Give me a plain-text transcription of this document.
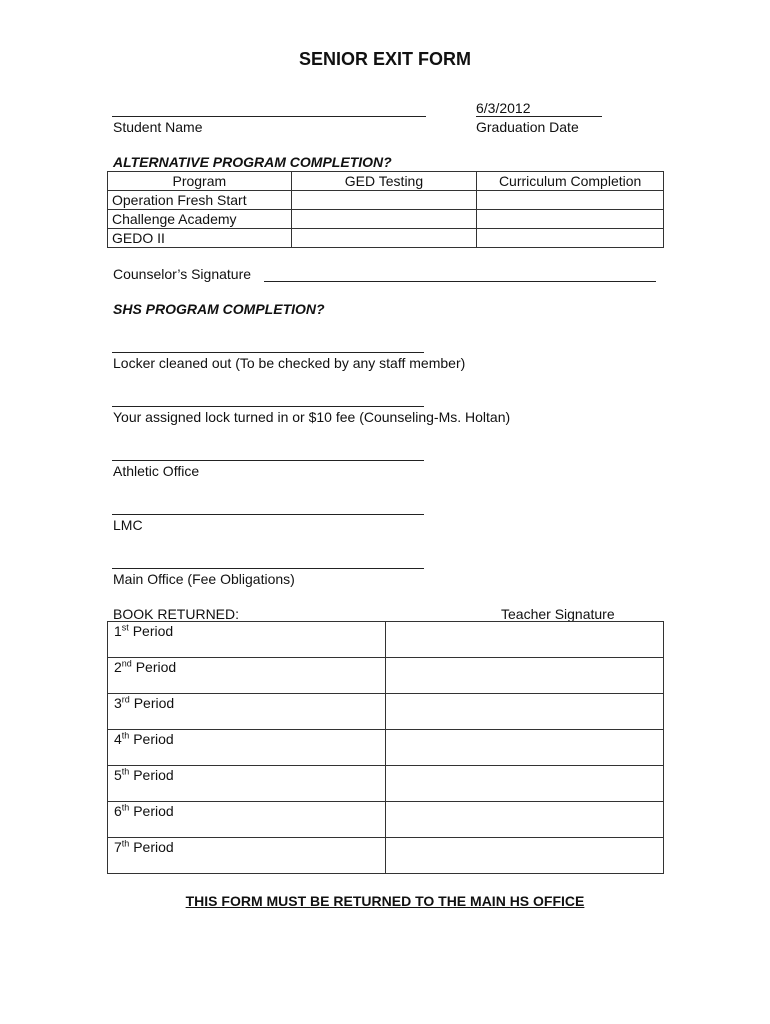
SENIOR EXIT FORM
Student Name
6/3/2012
Graduation Date
ALTERNATIVE PROGRAM COMPLETION?
Program	GED Testing	Curriculum Completion
Operation Fresh Start		
Challenge Academy		
GEDO II		
Counselor’s Signature
SHS PROGRAM COMPLETION?
Locker cleaned out (To be checked by any staff member)
Your assigned lock turned in or $10 fee (Counseling-Ms. Holtan)
Athletic Office
LMC
Main Office (Fee Obligations)
BOOK RETURNED:	Teacher Signature
1st Period	
2nd Period	
3rd Period	
4th Period	
5th Period	
6th Period	
7th Period	
THIS FORM MUST BE RETURNED TO THE MAIN HS OFFICE
